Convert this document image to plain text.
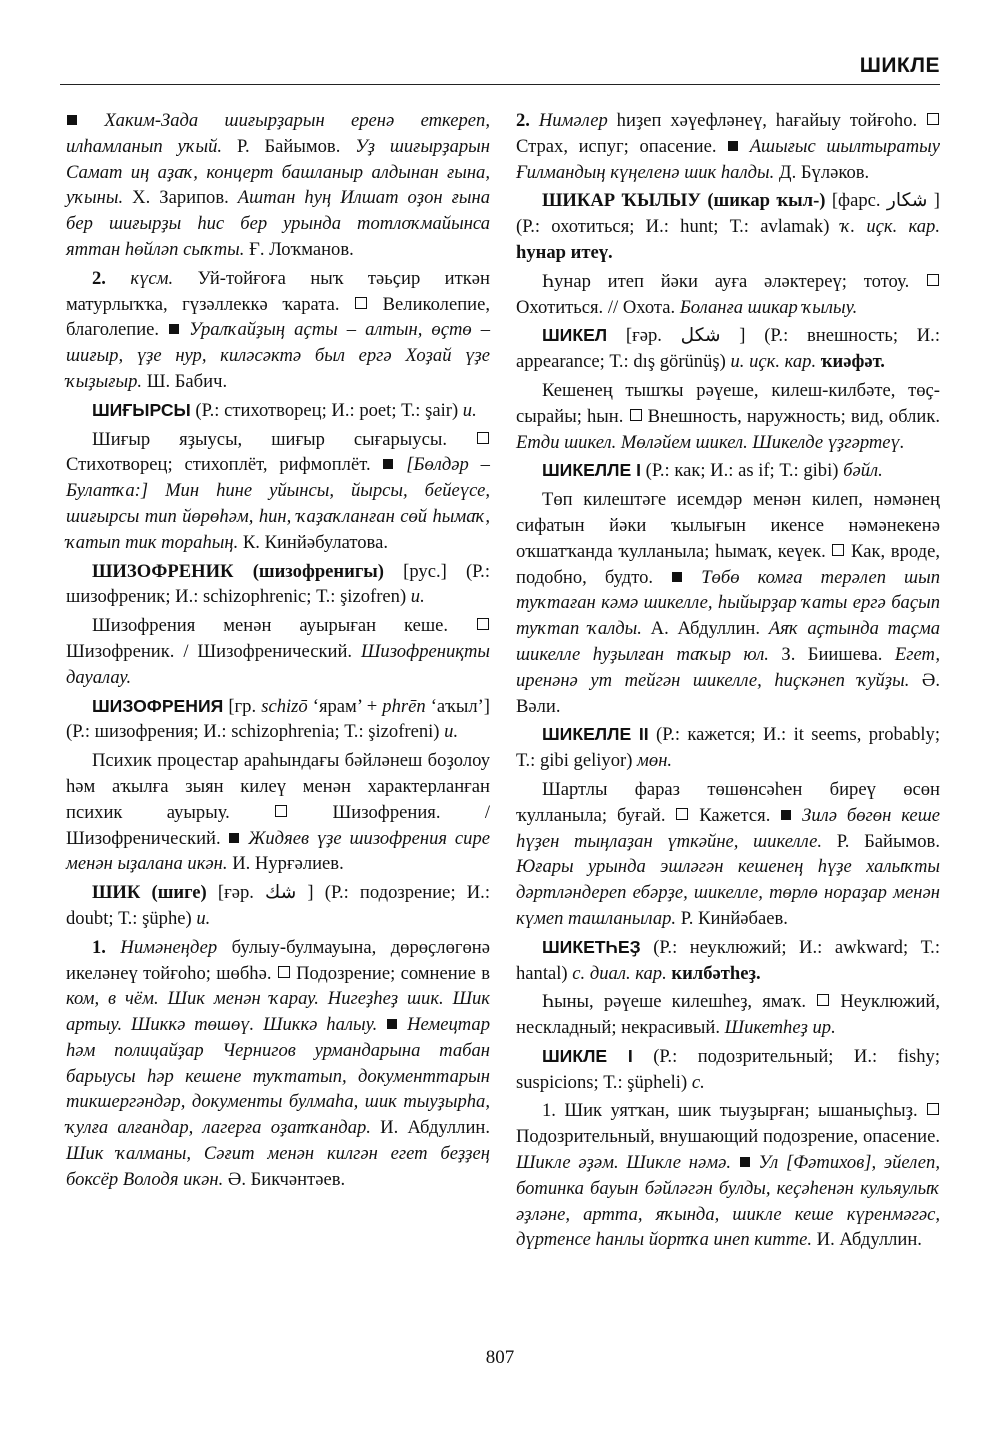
ШИКЛЕ

Хаким-Зада шиғырҙарын еренә еткереп, илһамланып уҡый. Р. Байымов. Уҙ шиғырҙарын Самат иң аҙаҡ, концерт башланыр алдынан ғына, уҡыны. Х. Зарипов. Аштан һуң Илшат оҙон ғына бер шиғырҙы һис бер урында тотлоҡмайынса яттан һөйләп сыҡты. Ғ. Лоҡманов.

2. күсм. Уй-тойғоға ныҡ тәьҫир иткән матурлыҡҡа, гүзәллеккә ҡарата.  Великолепие, благолепие.  Уралҡайҙың аҫты – алтын, өҫтө – шиғыр, үҙе нур, киләсәктә был ергә Хоҙай үҙе ҡыҙығыр. Ш. Бабич.

ШИҒЫРСЫ (Р.: стихотворец; И.: poet; Т.: şair) и.

Шиғыр яҙыусы, шиғыр сығарыусы.  Стихотворец; стихоплёт, рифмоплёт.  [Бөлдәр – Булатҡа:] Мин һине уйынсы, йырсы, бейеүсе, шиғырсы тип йөрөһәм, һин, ҡаҙаҡланған сөй һымаҡ, ҡатып тик тораһың. К. Кинйәбулатова.

ШИЗОФРЕНИК (шизофренигы) [рус.] (Р.: шизофреник; И.: schizophrenic; Т.: şizofren) и.

Шизофрения менән ауырыған кеше.  Шизофреник. / Шизофренический. Шизофрениқты дауалау.

ШИЗОФРЕНИЯ [гр. schizō ‘ярам’ + phrēn ‘аҡыл’] (Р.: шизофрения; И.: schizophrenia; Т.: şizofreni) и.

Психик процестар араһындағы бәйләнеш боҙолоу һәм аҡылға зыян килеү менән характерланған психик ауырыу.  Шизофрения. / Шизофренический.  Жидяев үҙе шизофрения сире менән ыҙалана икән. И. Нурғәлиев.

ШИК (шиге) [ғәр. شك ] (Р.: подозрение; И.: doubt; Т.: şüphe) и.

1. Нимәнеңдер булыу-булмауына, дөрөҫлөгөнә икеләнеү тойғоһо; шөбһә.  Подозрение; сомнение в ком, в чём. Шик менән ҡарау. Нигеҙһеҙ шик. Шик артыу. Шиккә төшөү. Шиккә һалыу. Немецтар һәм полицайҙар Чернигов урмандарына табан барыусы һәр кешене туҡтатып, документтарын тикшергәндәр, документы булмаһа, шик тыуҙырһа, ҡулға алғандар, лагерға оҙатҡандар. И. Абдуллин. Шик ҡалманы, Сәғит менән килгән егет беҙҙең боксёр Володя икән. Ә. Бикчәнтәев.

2. Нимәлер һиҙеп хәүефләнеү, һағайыу тойғоһо.  Страх, испуг; опасение.  Ашығыс шылтыратыу Ғилмандың күңеленә шик һалды. Д. Бүләков.

ШИКАР ҠЫЛЫУ (шикар ҡыл-) [фарс. شكار ] (Р.: охотиться; И.: hunt; Т.: avlamak) ҡ. иҫк. кар. һунар итеү.

Һунар итеп йәки ауға әләктереү; тотоу.  Охотиться. // Охота. Боланға шикар ҡылыу.

ШИКЕЛ [ғәр. شكل ] (Р.: внешность; И.: appearance; Т.: dış görünüş) и. иҫк. кар. ҡиәфәт.

Кешенең тышҡы рәүеше, килеш-килбәте, төҫ-сырайы; һын.  Внешность, наружность; вид, облик. Етди шикел. Мөләйем шикел. Шикелде үҙгәртеү.

ШИКЕЛЛЕ I (Р.: как; И.: as if; Т.: gibi) бәйл.

Төп килештәге исемдәр менән килеп, нәмәнең сифатын йәки ҡылығын икенсе нәмәнекенә оҡшатҡанда ҡулланыла; һымаҡ, кеүек.  Как, вроде, подобно, будто.  Төбө комға терәлеп шып туҡтаған кәмә шикелле, һыйырҙар ҡаты ергә баҫып туҡтап ҡалды. А. Абдуллин. Аяҡ аҫтында таҫма шикелле һуҙылған таҡыр юл. З. Биишева. Егет, иренәнә ут тейгән шикелле, һиҫкәнеп ҡуйҙы. Ә. Вәли.

ШИКЕЛЛЕ II (Р.: кажется; И.: it seems, probably; Т.: gibi geliyor) мөн.

Шартлы фараз төшөнсәһен биреү өсөн ҡулланыла; буғай.  Кажется.  Зилә бөгөн кеше һүҙен тыңлаҙан үткәйне, шикелле. Р. Байымов. Юғары урында эшләгән кешенең һүҙе халыҡты дәртләндереп ебәрҙе, шикелле, төрлө нораҙар менән күмеп ташланылар. Р. Кинйәбаев.

ШИКЕТҺЕҘ (Р.: неуклюжий; И.: awkward; Т.: hantal) с. диал. кар. килбәтһеҙ.

Һыны, рәүеше килешһеҙ, ямаҡ.  Неуклюжий, нескладный; некрасивый. Шикетһеҙ ир.

ШИКЛЕ I (Р.: подозрительный; И.: fishy; suspicions; Т.: şüpheli) с.

1. Шик уятҡан, шик тыуҙырған; ышаныҫһыҙ.  Подозрительный, внушающий подозрение, опасение. Шикле әҙәм. Шикле нәмә. Ул [Фәтихов], эйелеп, ботинка бауын бәйләгән булды, кеҫәһенән кульяулыҡ әҙләне, артта, яҡында, шикле кеше күренмәгәс, дүртенсе һанлы йортҡа инеп китте. И. Абдуллин.

807
